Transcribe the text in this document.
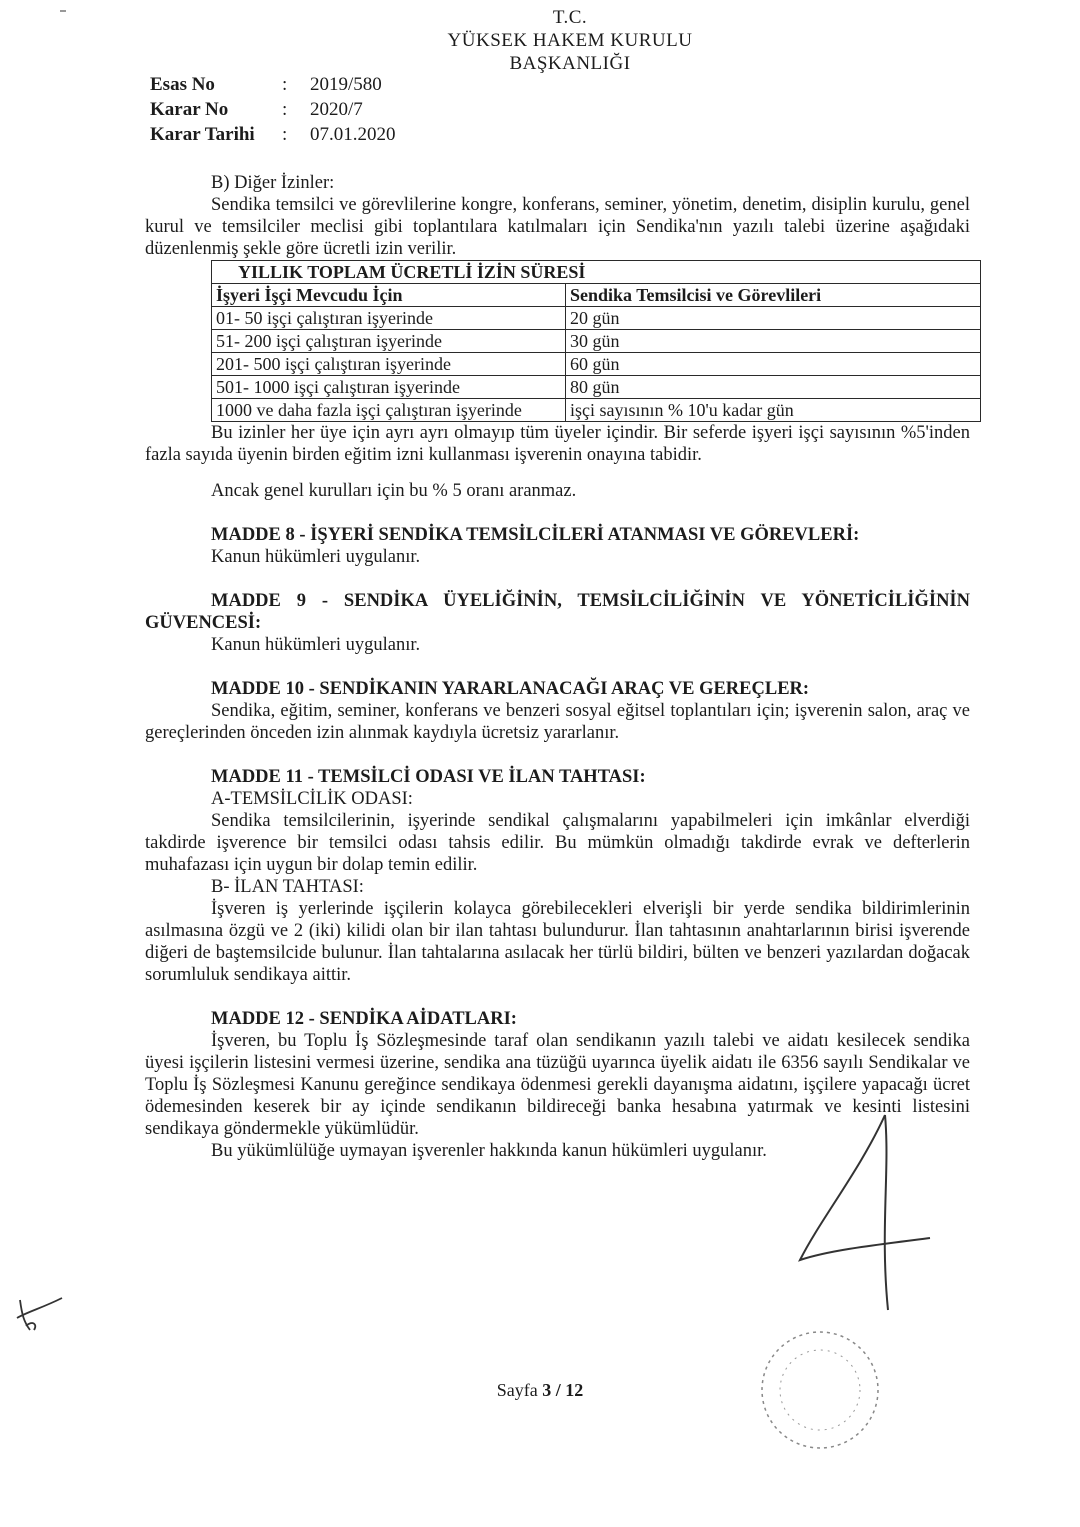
T.C.
YÜKSEK HAKEM KURULU
BAŞKANLIĞI
Esas No	:	2019/580
Karar No	:	2020/7
Karar Tarihi	:	07.01.2020

B) Diğer İzinler:

Sendika temsilci ve görevlilerine kongre, konferans, seminer, yönetim, denetim, disiplin kurulu, genel kurul ve temsilciler meclisi gibi toplantılara katılmaları için Sendika'nın yazılı talebi üzerine aşağıdaki düzenlenmiş şekle göre ücretli izin verilir.

YILLIK TOPLAM ÜCRETLİ İZİN SÜRESİ	
İşyeri İşçi Mevcudu İçin	Sendika Temsilcisi ve Görevlileri
01- 50 işçi çalıştıran işyerinde	20 gün
51- 200 işçi çalıştıran işyerinde	30 gün
201- 500 işçi çalıştıran işyerinde	60 gün
501- 1000 işçi çalıştıran işyerinde	80 gün
1000 ve daha fazla işçi çalıştıran işyerinde	işçi sayısının % 10'u kadar gün

Bu izinler her üye için ayrı ayrı olmayıp tüm üyeler içindir. Bir seferde işyeri işçi sayısının %5'inden fazla sayıda üyenin birden eğitim izni kullanması işverenin onayına tabidir.

Ancak genel kurulları için bu % 5 oranı aranmaz.

MADDE 8 - İŞYERİ SENDİKA TEMSİLCİLERİ ATANMASI VE GÖREVLERİ:

Kanun hükümleri uygulanır.

MADDE 9 - SENDİKA ÜYELİĞİNİN, TEMSİLCİLİĞİNİN VE YÖNETİCİLİĞİNİN GÜVENCESİ:

Kanun hükümleri uygulanır.

MADDE 10 - SENDİKANIN YARARLANACAĞI ARAÇ VE GEREÇLER:

Sendika, eğitim, seminer, konferans ve benzeri sosyal eğitsel toplantıları için; işverenin salon, araç ve gereçlerinden önceden izin alınmak kaydıyla ücretsiz yararlanır.

MADDE 11 - TEMSİLCİ ODASI VE İLAN TAHTASI:

A-TEMSİLCİLİK ODASI:

Sendika temsilcilerinin, işyerinde sendikal çalışmalarını yapabilmeleri için imkânlar elverdiği takdirde işverence bir temsilci odası tahsis edilir. Bu mümkün olmadığı takdirde evrak ve defterlerin muhafazası için uygun bir dolap temin edilir.

B- İLAN TAHTASI:

İşveren iş yerlerinde işçilerin kolayca görebilecekleri elverişli bir yerde sendika bildirimlerinin asılmasına özgü ve 2 (iki) kilidi olan bir ilan tahtası bulundurur. İlan tahtasının anahtarlarının birisi işverende diğeri de baştemsilcide bulunur. İlan tahtalarına asılacak her türlü bildiri, bülten ve benzeri yazılardan doğacak sorumluluk sendikaya aittir.

MADDE 12 - SENDİKA AİDATLARI:

İşveren, bu Toplu İş Sözleşmesinde taraf olan sendikanın yazılı talebi ve aidatı kesilecek sendika üyesi işçilerin listesini vermesi üzerine, sendika ana tüzüğü uyarınca üyelik aidatı ile 6356 sayılı Sendikalar ve Toplu İş Sözleşmesi Kanunu gereğince sendikaya ödenmesi gerekli dayanışma aidatını, işçilere yapacağı ücret ödemesinden keserek bir ay içinde sendikanın bildireceği banka hesabına yatırmak ve kesinti listesini sendikaya göndermekle yükümlüdür.

Bu yükümlülüğe uymayan işverenler hakkında kanun hükümleri uygulanır.

Sayfa 3 / 12
